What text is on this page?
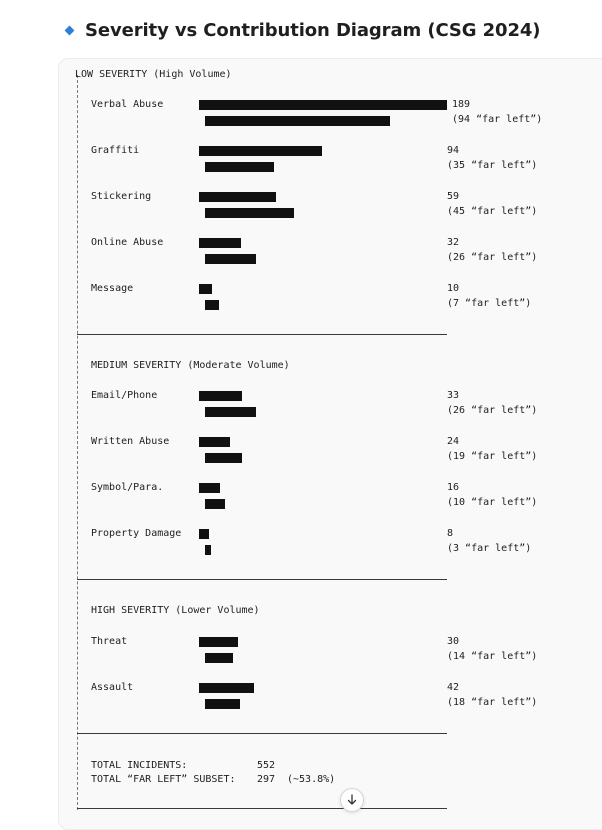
Severity vs Contribution Diagram (CSG 2024)
LOW SEVERITY (High Volume)
Verbal Abuse	189
(94 “far left”)
Graffiti	94
(35 “far left”)
Stickering	59
(45 “far left”)
Online Abuse	32
(26 “far left”)
Message	10
(7 “far left”)
MEDIUM SEVERITY (Moderate Volume)
Email/Phone	33
(26 “far left”)
Written Abuse	24
(19 “far left”)
Symbol/Para.	16
(10 “far left”)
Property Damage	8
(3 “far left”)
HIGH SEVERITY (Lower Volume)
Threat	30
(14 “far left”)
Assault	42
(18 “far left”)
TOTAL INCIDENTS:	552
TOTAL “FAR LEFT” SUBSET: 297 (~53.8%)
